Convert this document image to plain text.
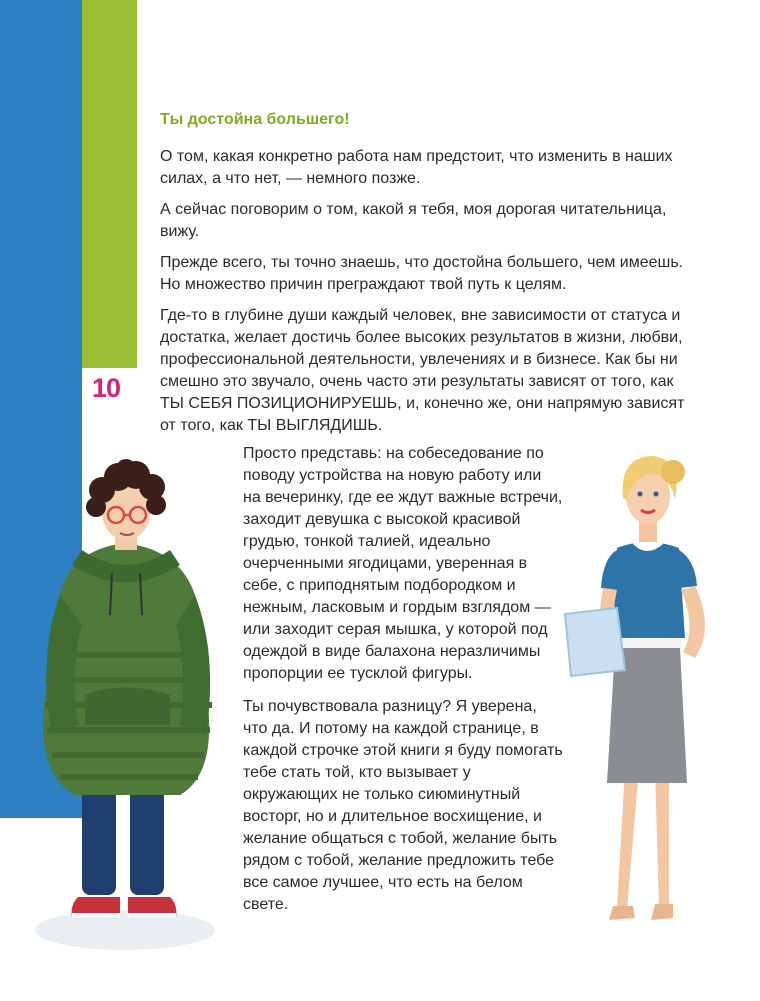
10
Ты достойна большего!

О том, какая конкретно работа нам предстоит, что изменить в наших силах, а что нет, — немного позже.

А сейчас поговорим о том, какой я тебя, моя дорогая читательница, вижу.

Прежде всего, ты точно знаешь, что достойна большего, чем имеешь. Но множество причин преграждают твой путь к целям.

Где-то в глубине души каждый человек, вне зависимости от статуса и достатка, желает достичь более высоких результатов в жизни, любви, профессиональной деятельности, увлечениях и в бизнесе. Как бы ни смешно это звучало, очень часто эти результаты зависят от того, как ТЫ СЕБЯ ПОЗИЦИОНИРУЕШЬ, и, конечно же, они напрямую зависят от того, как ТЫ ВЫГЛЯДИШЬ.

Просто представь: на собеседование по поводу устройства на новую работу или на вечеринку, где ее ждут важные встречи, заходит девушка с высокой красивой грудью, тонкой талией, идеально очерченными ягодицами, уверенная в себе, с приподнятым подбородком и нежным, ласковым и гордым взглядом — или заходит серая мышка, у которой под одеждой в виде балахона неразличимы пропорции ее тусклой фигуры.

Ты почувствовала разницу? Я уверена, что да. И потому на каждой странице, в каждой строчке этой книги я буду помогать тебе стать той, кто вызывает у окружающих не только сиюминутный восторг, но и длительное восхищение, и желание общаться с тобой, желание быть рядом с тобой, желание предложить тебе все самое лучшее, что есть на белом свете.
